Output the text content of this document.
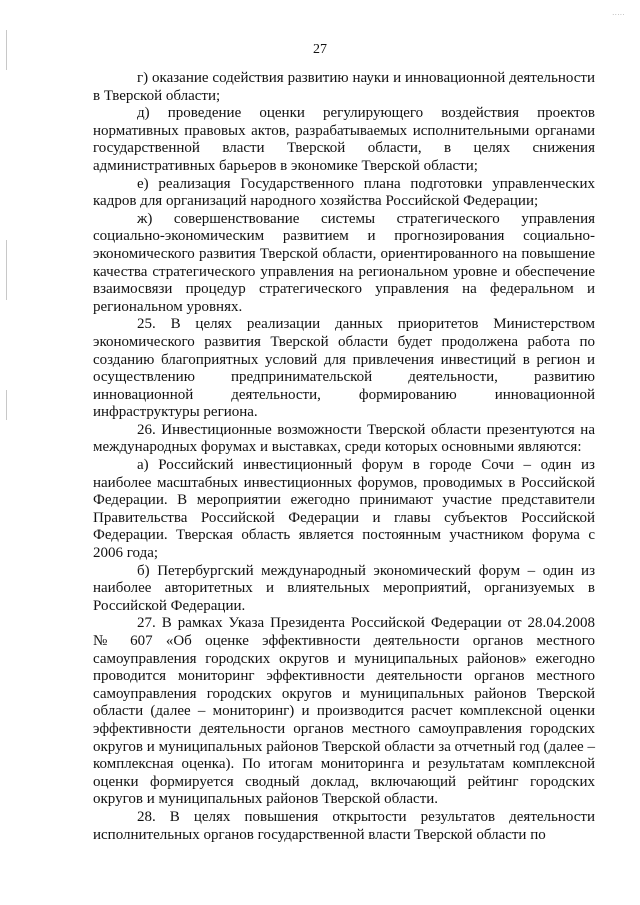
.....
27

г) оказание содействия развитию науки и инновационной деятельности в Тверской области;

д) проведение оценки регулирующего воздействия проектов нормативных правовых актов, разрабатываемых исполнительными органами государственной власти Тверской области, в целях снижения административных барьеров в экономике Тверской области;

е) реализация Государственного плана подготовки управленческих кадров для организаций народного хозяйства Российской Федерации;

ж) совершенствование системы стратегического управления социально-экономическим развитием и прогнозирования социально-экономического развития Тверской области, ориентированного на повышение качества стратегического управления на региональном уровне и обеспечение взаимосвязи процедур стратегического управления на федеральном и региональном уровнях.

25. В целях реализации данных приоритетов Министерством экономического развития Тверской области будет продолжена работа по созданию благоприятных условий для привлечения инвестиций в регион и осуществлению предпринимательской деятельности, развитию инновационной деятельности, формированию инновационной инфраструктуры региона.

26. Инвестиционные возможности Тверской области презентуются на международных форумах и выставках, среди которых основными являются:

а) Российский инвестиционный форум в городе Сочи – один из наиболее масштабных инвестиционных форумов, проводимых в Российской Федерации. В мероприятии ежегодно принимают участие представители Правительства Российской Федерации и главы субъектов Российской Федерации. Тверская область является постоянным участником форума с 2006 года;

б) Петербургский международный экономический форум – один из наиболее авторитетных и влиятельных мероприятий, организуемых в Российской Федерации.

27. В рамках Указа Президента Российской Федерации от 28.04.2008 № 607 «Об оценке эффективности деятельности органов местного самоуправления городских округов и муниципальных районов» ежегодно проводится мониторинг эффективности деятельности органов местного самоуправления городских округов и муниципальных районов Тверской области (далее – мониторинг) и производится расчет комплексной оценки эффективности деятельности органов местного самоуправления городских округов и муниципальных районов Тверской области за отчетный год (далее – комплексная оценка). По итогам мониторинга и результатам комплексной оценки формируется сводный доклад, включающий рейтинг городских округов и муниципальных районов Тверской области.

28. В целях повышения открытости результатов деятельности исполнительных органов государственной власти Тверской области по
